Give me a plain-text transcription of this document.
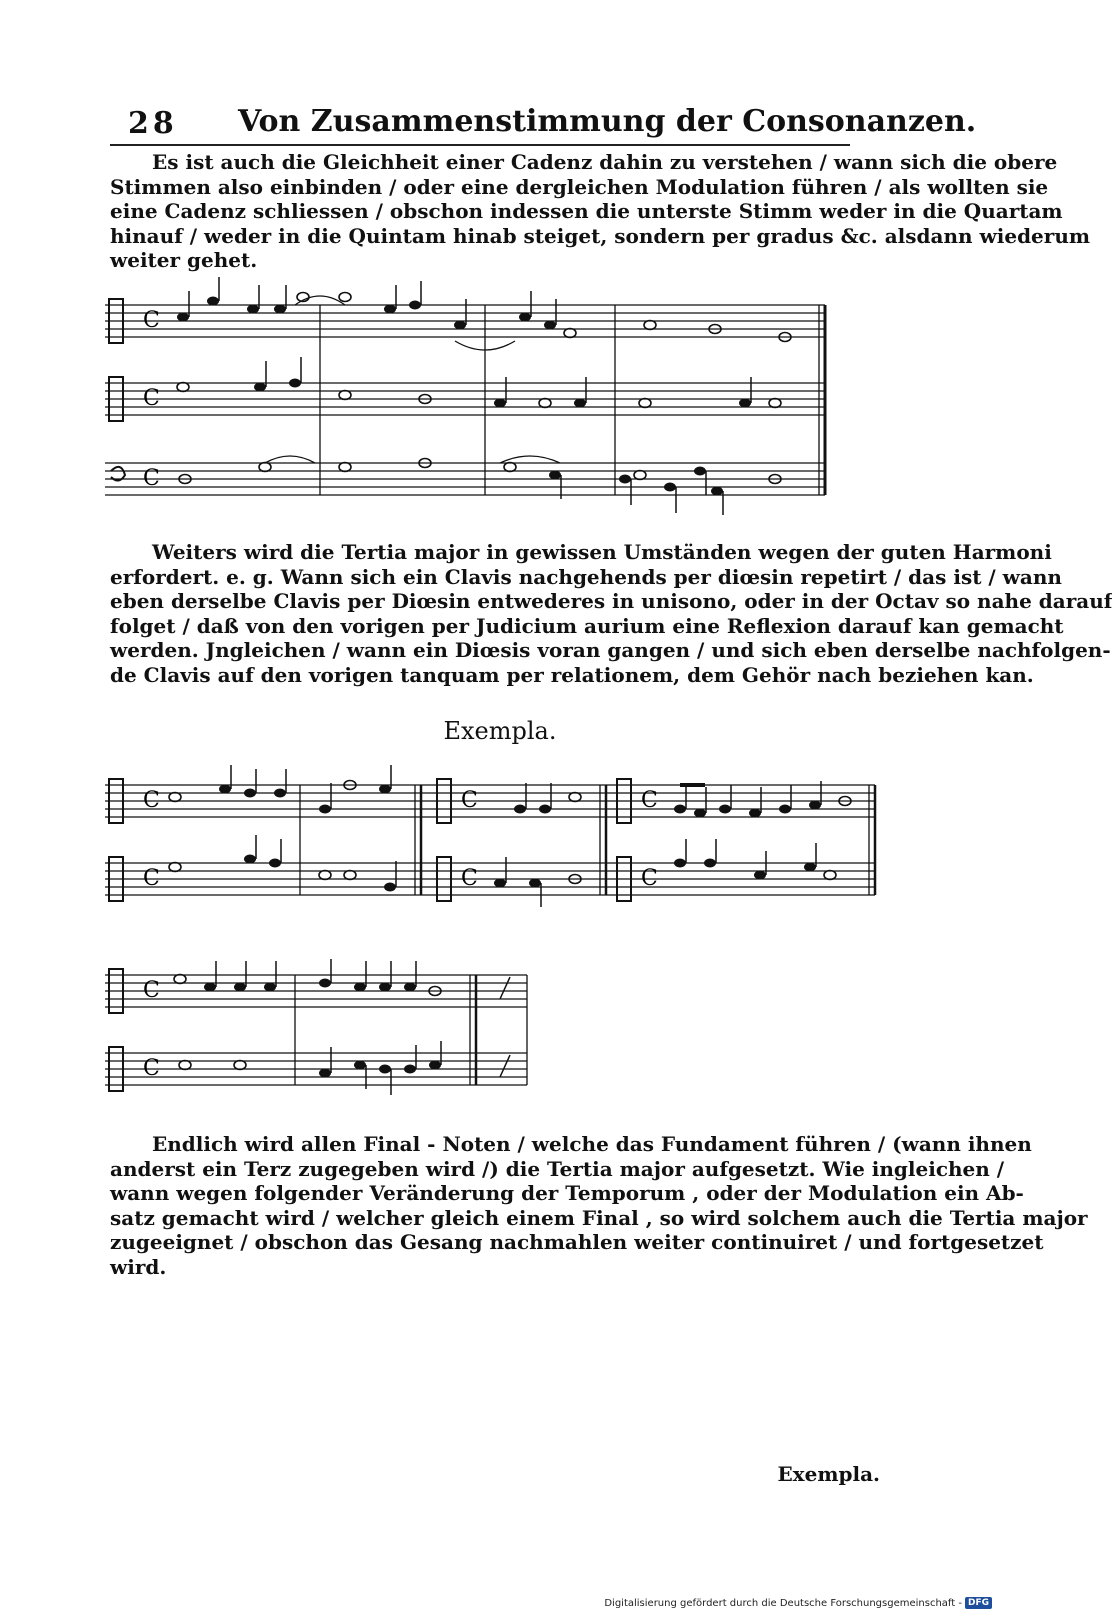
28 Von Zusammenstimmung der Consonanzen.
Es ist auch die Gleichheit einer Cadenz dahin zu verstehen / wann sich die obere
Stimmen also einbinden / oder eine dergleichen Modulation führen / als wollten sie
eine Cadenz schliessen / obschon indessen die unterste Stimm weder in die Quartam
hinauf / weder in die Quintam hinab steiget, sondern per gradus &c. alsdann wiederum
weiter gehet.
C
C
C
Weiters wird die Tertia major in gewissen Umständen wegen der guten Harmoni
erfordert. e. g. Wann sich ein Clavis nachgehends per diœsin repetirt / das ist / wann
eben derselbe Clavis per Diœsin entwederes in unisono, oder in der Octav so nahe darauf
folget / daß von den vorigen per Judicium aurium eine Reflexion darauf kan gemacht
werden. Jngleichen / wann ein Diœsis voran gangen / und sich eben derselbe nachfolgen-
de Clavis auf den vorigen tanquam per relationem, dem Gehör nach beziehen kan.
Exempla.
C
C
C
C
C
C
C
C
Endlich wird allen Final - Noten / welche das Fundament führen / (wann ihnen
anderst ein Terz zugegeben wird /) die Tertia major aufgesetzt. Wie ingleichen /
wann wegen folgender Veränderung der Temporum , oder der Modulation ein Ab-
satz gemacht wird / welcher gleich einem Final , so wird solchem auch die Tertia major
zugeeignet / obschon das Gesang nachmahlen weiter continuiret / und fortgesetzet
wird.
Exempla.
Digitalisierung gefördert durch die Deutsche Forschungsgemeinschaft - DFG
